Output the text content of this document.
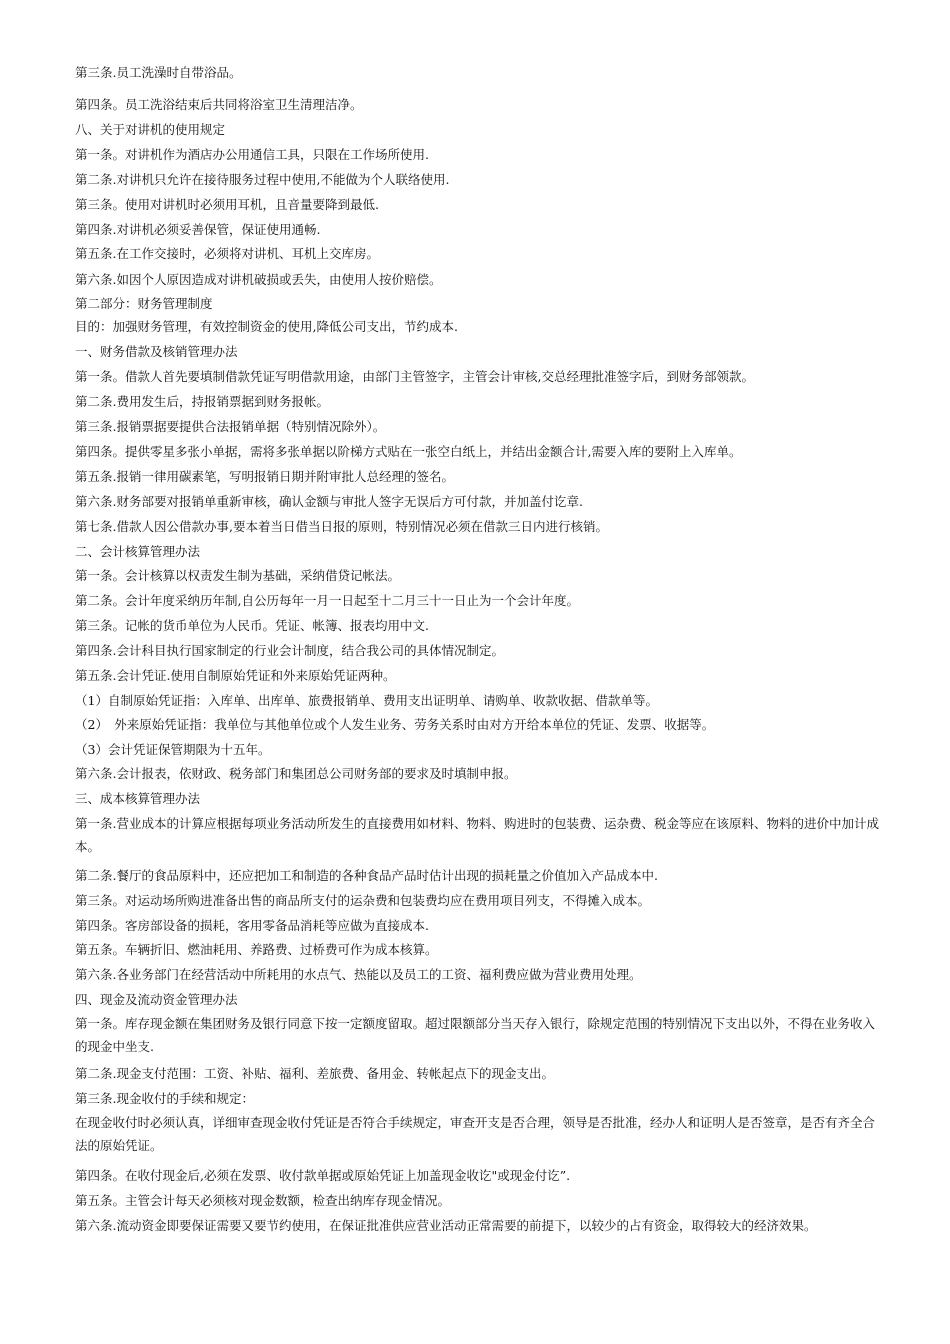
第三条.员工洗澡时自带浴品。

第四条。员工洗浴结束后共同将浴室卫生清理洁净。

八、关于对讲机的使用规定

第一条。对讲机作为酒店办公用通信工具，只限在工作场所使用.

第二条.对讲机只允许在接待服务过程中使用,不能做为个人联络使用.

第三条。使用对讲机时必须用耳机，且音量要降到最低.

第四条.对讲机必须妥善保管，保证使用通畅.

第五条.在工作交接时，必须将对讲机、耳机上交库房。

第六条.如因个人原因造成对讲机破损或丢失，由使用人按价赔偿。

第二部分：财务管理制度

目的：加强财务管理，有效控制资金的使用,降低公司支出，节约成本.

一、财务借款及核销管理办法

第一条。借款人首先要填制借款凭证写明借款用途，由部门主管签字，主管会计审核,交总经理批准签字后，到财务部领款。

第二条.费用发生后，持报销票据到财务报帐。

第三条.报销票据要提供合法报销单据（特别情况除外）。

第四条。提供零星多张小单据，需将多张单据以阶梯方式贴在一张空白纸上，并结出金额合计,需要入库的要附上入库单。

第五条.报销一律用碳素笔，写明报销日期并附审批人总经理的签名。

第六条.财务部要对报销单重新审核，确认金额与审批人签字无误后方可付款，并加盖付讫章.

第七条.借款人因公借款办事,要本着当日借当日报的原则，特别情况必须在借款三日内进行核销。

二、会计核算管理办法

第一条。会计核算以权责发生制为基础，采纳借贷记帐法。

第二条。会计年度采纳历年制,自公历每年一月一日起至十二月三十一日止为一个会计年度。

第三条。记帐的货币单位为人民币。凭证、帐簿、报表均用中文.

第四条.会计科目执行国家制定的行业会计制度，结合我公司的具体情况制定。

第五条.会计凭证.使用自制原始凭证和外来原始凭证两种。

（1）自制原始凭证指：入库单、出库单、旅费报销单、费用支出证明单、请购单、收款收据、借款单等。

（2）　外来原始凭证指：我单位与其他单位或个人发生业务、劳务关系时由对方开给本单位的凭证、发票、收据等。

（3）会计凭证保管期限为十五年。

第六条.会计报表，依财政、税务部门和集团总公司财务部的要求及时填制申报。

三、成本核算管理办法

第一条.营业成本的计算应根据每项业务活动所发生的直接费用如材料、物料、购进时的包装费、运杂费、税金等应在该原料、物料的进价中加计成本。

第二条.餐厅的食品原料中，还应把加工和制造的各种食品产品时估计出现的损耗量之价值加入产品成本中.

第三条。对运动场所购进准备出售的商品所支付的运杂费和包装费均应在费用项目列支，不得摊入成本。

第四条。客房部设备的损耗，客用零备品消耗等应做为直接成本.

第五条。车辆折旧、燃油耗用、养路费、过桥费可作为成本核算。

第六条.各业务部门在经营活动中所耗用的水点气、热能以及员工的工资、福利费应做为营业费用处理。

四、现金及流动资金管理办法

第一条。库存现金额在集团财务及银行同意下按一定额度留取。超过限额部分当天存入银行，除规定范围的特别情况下支出以外，不得在业务收入的现金中坐支.

第二条.现金支付范围：工资、补贴、福利、差旅费、备用金、转帐起点下的现金支出。

第三条.现金收付的手续和规定：

在现金收付时必须认真，详细审查现金收付凭证是否符合手续规定，审查开支是否合理，领导是否批准，经办人和证明人是否签章，是否有齐全合法的原始凭证。

第四条。在收付现金后,必须在发票、收付款单据或原始凭证上加盖现金收讫"或现金付讫”.

第五条。主管会计每天必须核对现金数额，检查出纳库存现金情况。

第六条.流动资金即要保证需要又要节约使用，在保证批准供应营业活动正常需要的前提下，以较少的占有资金，取得较大的经济效果。
